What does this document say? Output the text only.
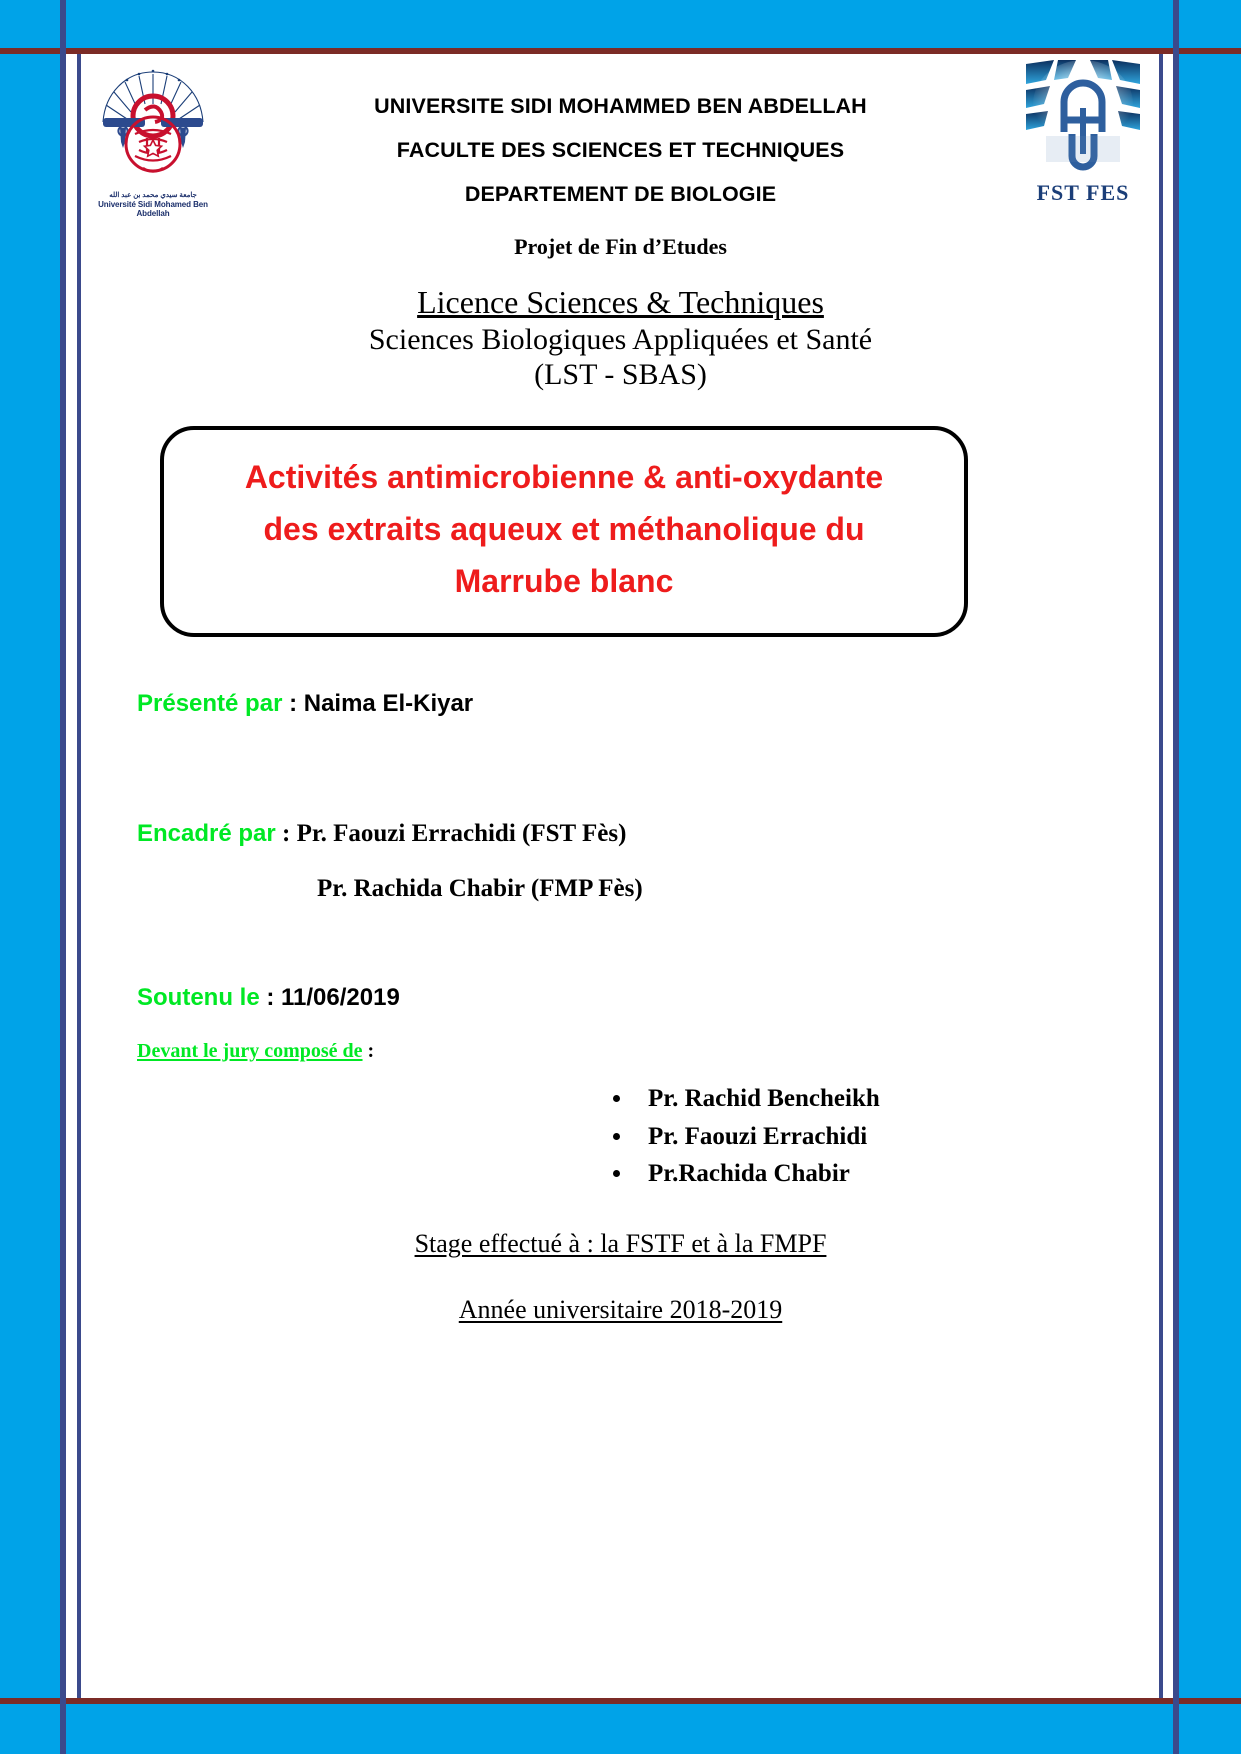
جامعة سيدي محمد بن عبد الله
Université Sidi Mohamed Ben Abdellah
FST FES
UNIVERSITE SIDI MOHAMMED BEN ABDELLAH
FACULTE DES SCIENCES ET TECHNIQUES
DEPARTEMENT DE BIOLOGIE
Projet de Fin d’Etudes
Licence Sciences & Techniques
Sciences Biologiques Appliquées et Santé
(LST - SBAS)
Activités antimicrobienne & anti-oxydante
des extraits aqueux et méthanolique du
Marrube blanc
Présenté par : Naima El-Kiyar
Encadré par : Pr. Faouzi Errachidi (FST Fès)
Pr. Rachida Chabir (FMP Fès)
Soutenu le : 11/06/2019
Devant le jury composé de :
• Pr. Rachid Bencheikh
• Pr. Faouzi Errachidi
• Pr.Rachida Chabir
Stage effectué à : la FSTF et à la FMPF
Année universitaire 2018-2019
